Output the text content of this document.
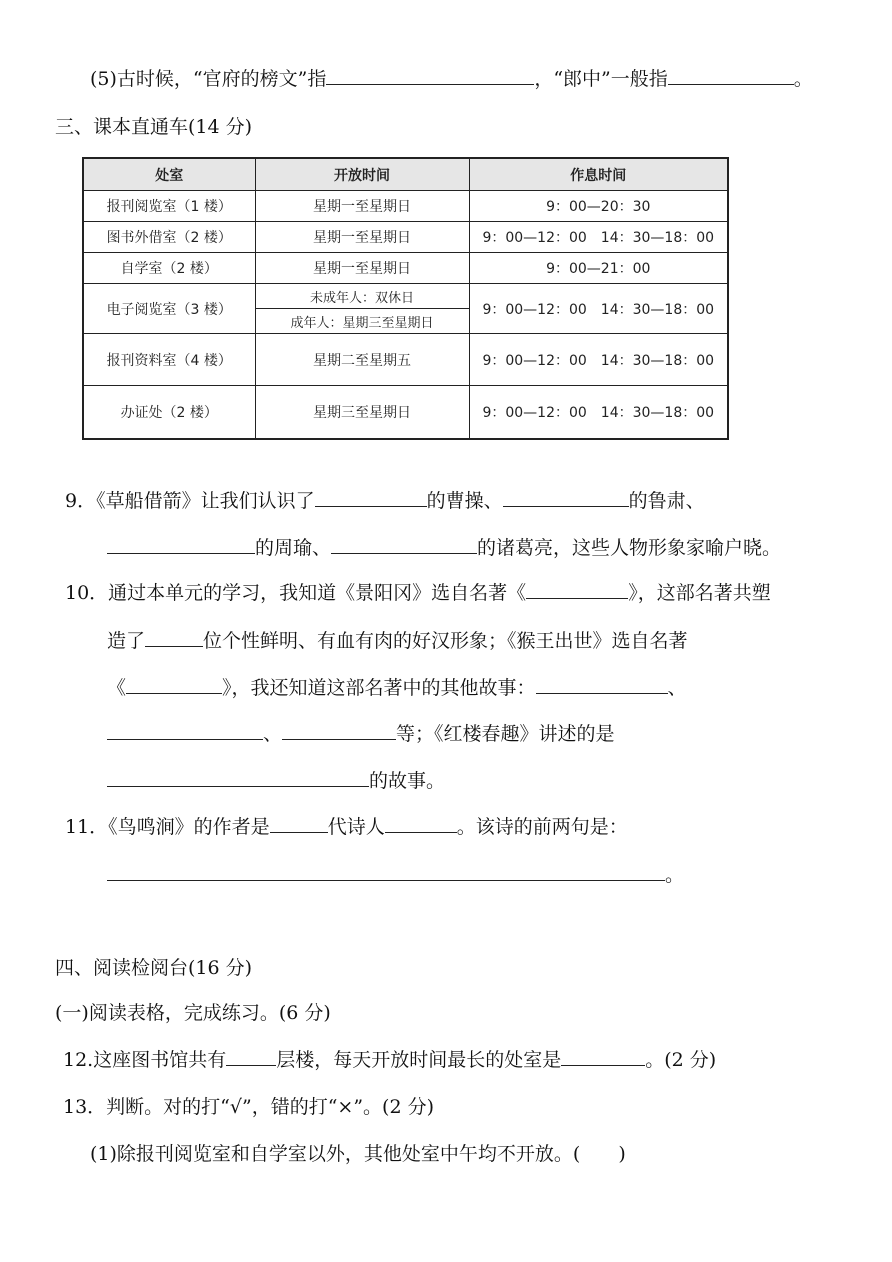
(5)古时候，“官府的榜文”指	，“郎中”一般指	。
三、课本直通车(14 分)
处室	开放时间	作息时间
报刊阅览室（1 楼）	星期一至星期日	9：00—20：30
图书外借室（2 楼）	星期一至星期日	9：00—12：00　14：30—18：00
自学室（2 楼）	星期一至星期日	9：00—21：00
电子阅览室（3 楼）	未成年人：双休日	9：00—12：00　14：30—18：00
	成年人：星期三至星期日	
报刊资料室（4 楼）	星期二至星期五	9：00—12：00　14：30—18：00
办证处（2 楼）	星期三至星期日	9：00—12：00　14：30—18：00
9．《草船借箭》让我们认识了	的曹操、	的鲁肃、
的周瑜、	的诸葛亮，这些人物形象家喻户晓。
10．通过本单元的学习，我知道《景阳冈》选自名著《	》，这部名著共塑
造了	位个性鲜明、有血有肉的好汉形象；《猴王出世》选自名著
《	》，我还知道这部名著中的其他故事：	、
、	等；《红楼春趣》讲述的是
的故事。
11．《鸟鸣涧》的作者是	代诗人	。该诗的前两句是：
。
四、阅读检阅台(16 分)
(一)阅读表格，完成练习。(6 分)
12.这座图书馆共有	层楼，每天开放时间最长的处室是	。(2 分)
13．判断。对的打“√”，错的打“×”。(2 分)
(1)除报刊阅览室和自学室以外，其他处室中午均不开放。(　　)
